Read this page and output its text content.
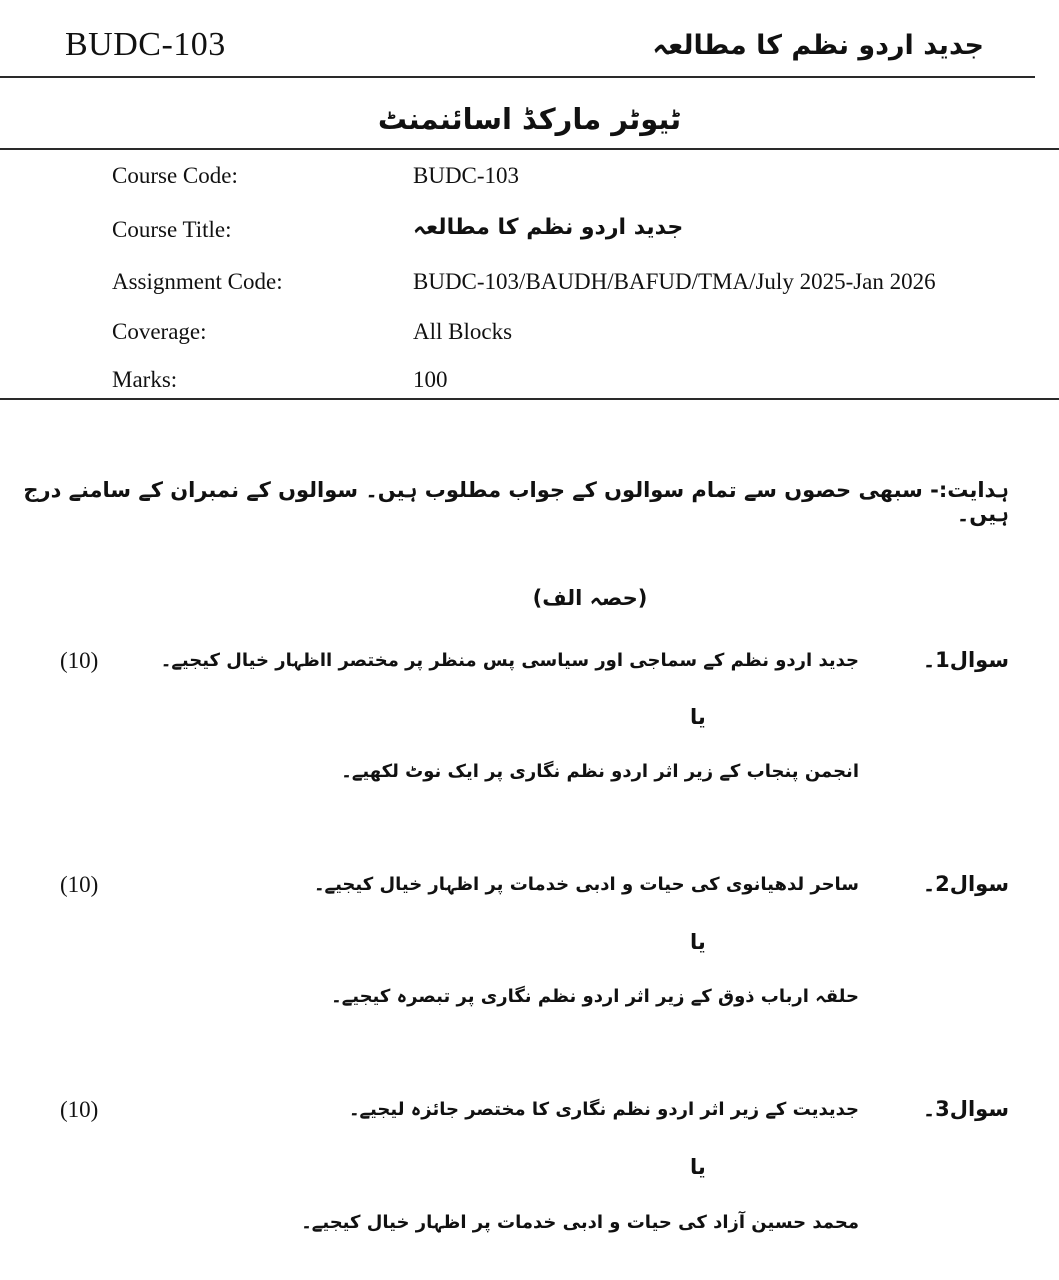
BUDC-103	جدید اردو نظم کا مطالعہ
ٹیوٹر مارکڈ اسائنمنٹ
Course Code:	BUDC-103
Course Title:	جدید اردو نظم کا مطالعہ
Assignment Code:	BUDC-103/BAUDH/BAFUD/TMA/July 2025-Jan 2026
Coverage:	All Blocks
Marks:	100
ہدایت:- سبھی حصوں سے تمام سوالوں کے جواب مطلوب ہیں۔ سوالوں کے نمبران کے سامنے درج ہیں۔
(حصہ الف)
(10)	سوال1۔
جدید اردو نظم کے سماجی اور سیاسی پس منظر پر مختصر ااظہار خیال کیجیے۔
یا
انجمن پنجاب کے زیر اثر اردو نظم نگاری پر ایک نوٹ لکھیے۔
(10)	سوال2۔
ساحر لدھیانوی کی حیات و ادبی خدمات پر اظہار خیال کیجیے۔
یا
حلقہ ارباب ذوق کے زیر اثر اردو نظم نگاری پر تبصرہ کیجیے۔
(10)	سوال3۔
جدیدیت کے زیر اثر اردو نظم نگاری کا مختصر جائزہ لیجیے۔
یا
محمد حسین آزاد کی حیات و ادبی خدمات پر اظہار خیال کیجیے۔
